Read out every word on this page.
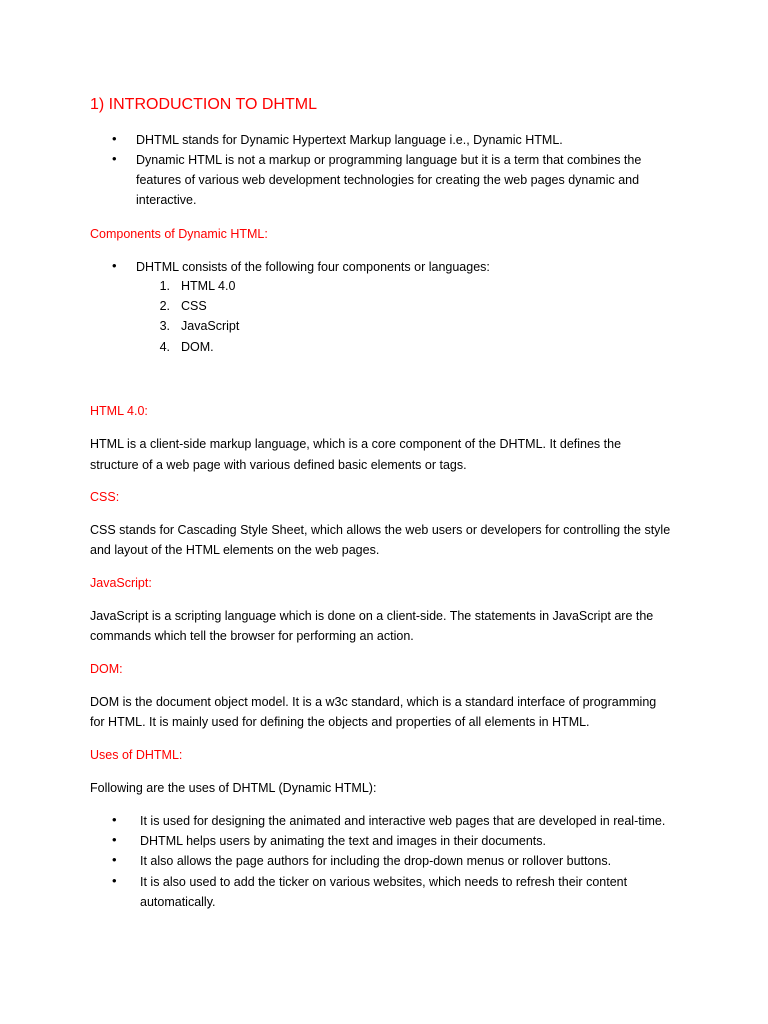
1) INTRODUCTION TO DHTML
• DHTML stands for Dynamic Hypertext Markup language i.e., Dynamic HTML.
• Dynamic HTML is not a markup or programming language but it is a term that combines the
features of various web development technologies for creating the web pages dynamic and
interactive.
Components of Dynamic HTML:
• DHTML consists of the following four components or languages:
1. HTML 4.0
2. CSS
3. JavaScript
4. DOM.
HTML 4.0:
HTML is a client-side markup language, which is a core component of the DHTML. It defines the
structure of a web page with various defined basic elements or tags.
CSS:
CSS stands for Cascading Style Sheet, which allows the web users or developers for controlling the style
and layout of the HTML elements on the web pages.
JavaScript:
JavaScript is a scripting language which is done on a client-side. The statements in JavaScript are the
commands which tell the browser for performing an action.
DOM:
DOM is the document object model. It is a w3c standard, which is a standard interface of programming
for HTML. It is mainly used for defining the objects and properties of all elements in HTML.
Uses of DHTML:
Following are the uses of DHTML (Dynamic HTML):
• It is used for designing the animated and interactive web pages that are developed in real-time.
• DHTML helps users by animating the text and images in their documents.
• It also allows the page authors for including the drop-down menus or rollover buttons.
• It is also used to add the ticker on various websites, which needs to refresh their content
automatically.
